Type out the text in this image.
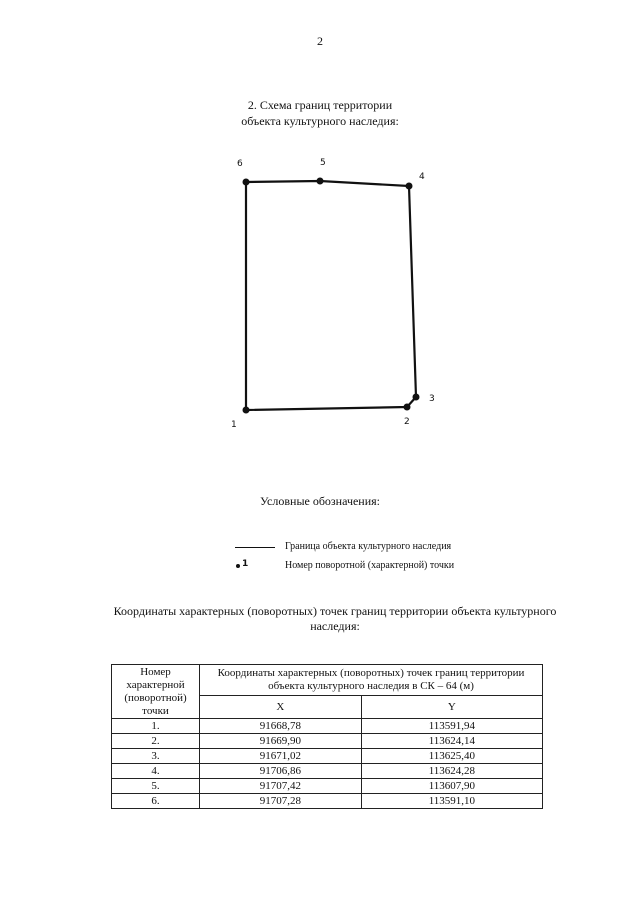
2
2. Схема границ территории
объекта культурного наследия:
1	2
3
4
5
6
Условные обозначения:
Граница объекта культурного наследия
1	Номер поворотной (характерной) точки
Координаты характерных (поворотных) точек границ территории объекта культурного
наследия:
Номер характерной (поворотной) точки	Координаты характерных (поворотных) точек границ территории объекта культурного наследия в СК – 64 (м)	
	X	Y
1.	91668,78	113591,94
2.	91669,90	113624,14
3.	91671,02	113625,40
4.	91706,86	113624,28
5.	91707,42	113607,90
6.	91707,28	113591,10
